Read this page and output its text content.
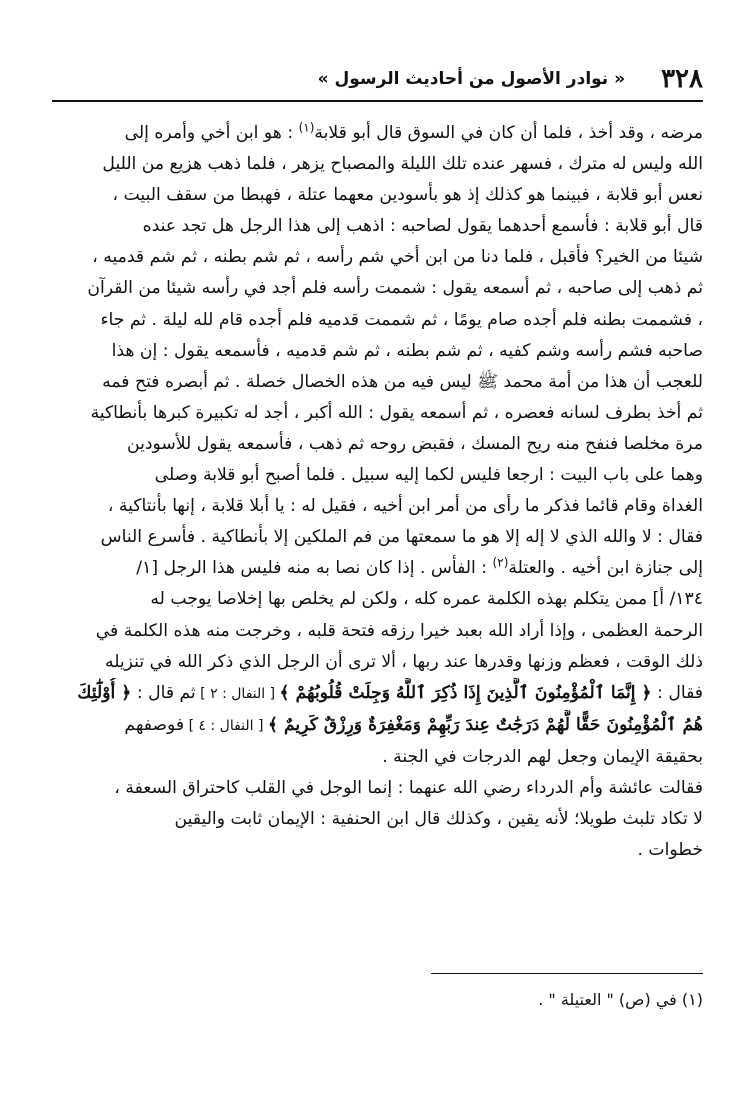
٣٢٨
« نوادر الأصول من أحاديث الرسول »

مرضه ، وقد أخذ ، فلما أن كان في السوق قال أبو قلابة$^{(١)}$ : هو ابن أخي وأمره إلى
الله وليس له مترك ، فسهر عنده تلك الليلة والمصباح يزهر ، فلما ذهب هزيع من الليل
نعس أبو قلابة ، فبينما هو كذلك إذ هو بأسودين معهما عتلة ، فهبطا من سقف البيت ،
قال أبو قلابة : فأسمع أحدهما يقول لصاحبه : اذهب إلى هذا الرجل هل تجد عنده
شيئا من الخير؟ فأقبل ، فلما دنا من ابن أخي شم رأسه ، ثم شم بطنه ، ثم شم قدميه ،
ثم ذهب إلى صاحبه ، ثم أسمعه يقول : شممت رأسه فلم أجد في رأسه شيئا من القرآن
، فشممت بطنه فلم أجده صام يومًا ، ثم شممت قدميه فلم أجده قام لله ليلة . ثم جاء
صاحبه فشم رأسه وشم كفيه ، ثم شم بطنه ، ثم شم قدميه ، فأسمعه يقول : إن هذا
للعجب أن هذا من أمة محمد ﷺ ليس فيه من هذه الخصال خصلة . ثم أبصره فتح فمه
ثم أخذ بطرف لسانه فعصره ، ثم أسمعه يقول : الله أكبر ، أجد له تكبيرة كبرها بأنطاكية
مرة مخلصا فنفح منه ريح المسك ، فقبض روحه ثم ذهب ، فأسمعه يقول للأسودين
وهما على باب البيت : ارجعا فليس لكما إليه سبيل . فلما أصبح أبو قلابة وصلى
الغداة وقام قائما فذكر ما رأى من أمر ابن أخيه ، فقيل له : يا أبلا قلابة ، إنها بأنتاكية ،
فقال : لا والله الذي لا إله إلا هو ما سمعتها من فم الملكين إلا بأنطاكية . فأسرع الناس
إلى جنازة ابن أخيه . والعتلة$^{(٢)}$ : الفأس . إذا كان نصا به منه فليس هذا الرجل [١/
١٣٤/ أ] ممن يتكلم بهذه الكلمة عمره كله ، ولكن لم يخلص بها إخلاصا يوجب له
الرحمة العظمى ، وإذا أراد الله بعبد خيرا رزقه فتحة قلبه ، وخرجت منه هذه الكلمة في
ذلك الوقت ، فعظم وزنها وقدرها عند ربها ، ألا ترى أن الرجل الذي ذكر الله في تنزيله
فقال : ﴿ إِنَّمَا ٱلْمُؤْمِنُونَ ٱلَّذِينَ إِذَا ذُكِرَ ٱللَّهُ وَجِلَتْ قُلُوبُهُمْ ﴾ [ النفال : ٢ ] ثم قال : ﴿ أُوْلَٰٓئِكَ
هُمُ ٱلْمُؤْمِنُونَ حَقًّا لَّهُمْ دَرَجَٰتٌ عِندَ رَبِّهِمْ وَمَغْفِرَةٌ وَرِزْقٌ كَرِيمٌ ﴾ [ النفال : ٤ ] فوصفهم
بحقيقة الإيمان وجعل لهم الدرجات في الجنة .

فقالت عائشة وأم الدرداء رضي الله عنهما : إنما الوجل في القلب كاحتراق السعفة ،
لا تكاد تلبث طويلا؛ لأنه يقين ، وكذلك قال ابن الحنفية : الإيمان ثابت واليقين
خطوات .

(١) في (ص) " العتيلة " .
